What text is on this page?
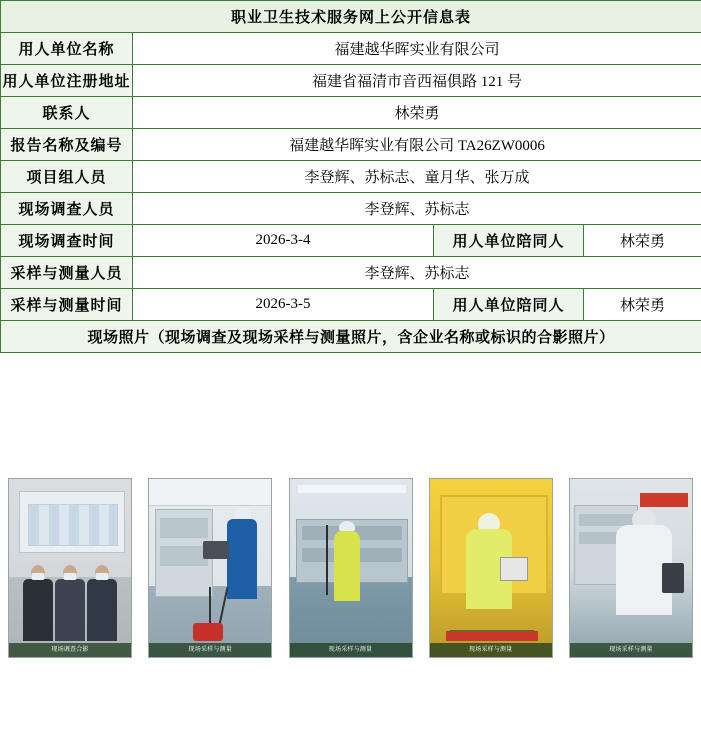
职业卫生技术服务网上公开信息表			
用人单位名称	福建越华晖实业有限公司		
用人单位注册地址	福建省福清市音西福俱路 121 号		
联系人	林荣勇		
报告名称及编号	福建越华晖实业有限公司 TA26ZW0006		
项目组人员	李登辉、苏标志、童月华、张万成		
现场调查人员	李登辉、苏标志		
现场调查时间	2026-3-4	用人单位陪同人	林荣勇
采样与测量人员	李登辉、苏标志		
采样与测量时间	2026-3-5	用人单位陪同人	林荣勇
现场照片（现场调查及现场采样与测量照片，含企业名称或标识的合影照片）			

现场调查合影	现场采样与测量	现场采样与测量	现场采样与测量	现场采样与测量
